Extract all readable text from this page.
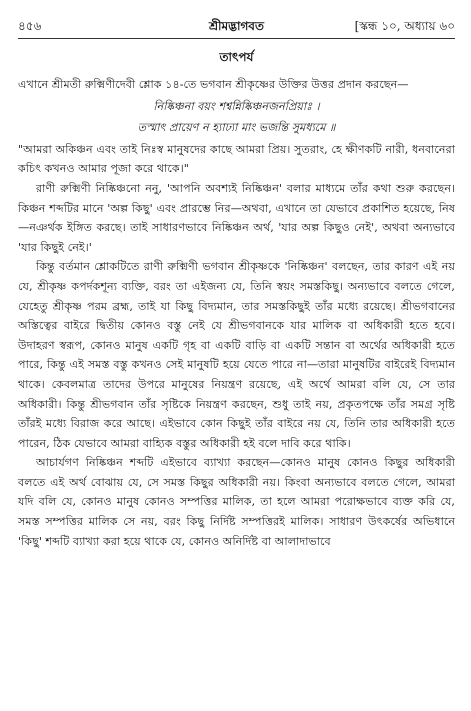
৪৫৬	শ্রীমদ্ভাগবত	[স্কন্ধ ১০, অধ্যায় ৬০
তাৎপর্য

এখানে শ্রীমতী রুক্মিণীদেবী শ্লোক ১৪-তে ভগবান শ্রীকৃষ্ণের উক্তির উত্তর প্রদান করছেন—

নিষ্কিঞ্চনা বয়ং শশ্বন্নিষ্কিঞ্চনজনপ্রিয়াঃ ।
তস্মাৎ প্রায়েণ ন হ্যাঢ্যা মাং ভজন্তি সুমধ্যমে ॥

"আমরা অকিঞ্চন এবং তাই নিঃস্ব মানুষদের কাছে আমরা প্রিয়। সুতরাং, হে ক্ষীণকটি নারী, ধনবানেরা কচিৎ কখনও আমার পূজা করে থাকে।"

রাণী রুক্মিণী নিষ্কিঞ্চনো ননু, 'আপনি অবশ্যই নিষ্কিঞ্চন' বলার মাধ্যমে তাঁর কথা শুরু করছেন। কিঞ্চন শব্দটির মানে 'অল্প কিছু' এবং প্রারম্ভে নির—অথবা, এখানে তা যেভাবে প্রকাশিত হয়েছে, নিষ—নঞর্থক ইঙ্গিত করছে। তাই সাধারণভাবে নিষ্কিঞ্চন অর্থ, 'যার অল্প কিছুও নেই', অথবা অন্যভাবে 'যার কিছুই নেই।'

কিন্তু বর্তমান শ্লোকটিতে রাণী রুক্মিণী ভগবান শ্রীকৃষ্ণকে 'নিষ্কিঞ্চন' বলছেন, তার কারণ এই নয় যে, শ্রীকৃষ্ণ কপর্দকশূন্য ব্যক্তি, বরং তা এইজন্য যে, তিনি স্বয়ং সমস্তকিছু। অন্যভাবে বলতে গেলে, যেহেতু শ্রীকৃষ্ণ পরম ব্রহ্ম, তাই যা কিছু বিদ্যমান, তার সমস্তকিছুই তাঁর মধ্যে রয়েছে। শ্রীভগবানের অস্তিত্বের বাইরে দ্বিতীয় কোনও বস্তু নেই যে শ্রীভগবানকে যার মালিক বা অধিকারী হতে হবে। উদাহরণ স্বরূপ, কোনও মানুষ একটি গৃহ বা একটি বাড়ি বা একটি সন্তান বা অর্থের অধিকারী হতে পারে, কিন্তু এই সমস্ত বস্তু কখনও সেই মানুষটি হয়ে যেতে পারে না—তারা মানুষটির বাইরেই বিদ্যমান থাকে। কেবলমাত্র তাদের উপরে মানুষের নিয়ন্ত্রণ রয়েছে, এই অর্থে আমরা বলি যে, সে তার অধিকারী। কিন্তু শ্রীভগবান তাঁর সৃষ্টিকে নিয়ন্ত্রণ করছেন, শুধু তাই নয়, প্রকৃতপক্ষে তাঁর সমগ্র সৃষ্টি তাঁরই মধ্যে বিরাজ করে আছে। এইভাবে কোন কিছুই তাঁর বাইরে নয় যে, তিনি তার অধিকারী হতে পারেন, ঠিক যেভাবে আমরা বাহ্যিক বস্তুর অধিকারী হই বলে দাবি করে থাকি।

আচার্যগণ নিষ্কিঞ্চন শব্দটি এইভাবে ব্যাখ্যা করছেন—কোনও মানুষ কোনও কিছুর অধিকারী বলতে এই অর্থ বোঝায় যে, সে সমস্ত কিছুর অধিকারী নয়। কিংবা অন্যভাবে বলতে গেলে, আমরা যদি বলি যে, কোনও মানুষ কোনও সম্পত্তির মালিক, তা হলে আমরা পরোক্ষভাবে ব্যক্ত করি যে, সমস্ত সম্পত্তির মালিক সে নয়, বরং কিছু নির্দিষ্ট সম্পত্তিরই মালিক। সাধারণ উৎকর্ষের অভিধানে 'কিছু' শব্দটি ব্যাখ্যা করা হয়ে থাকে যে, কোনও অনির্দিষ্ট বা আলাদাভাবে
